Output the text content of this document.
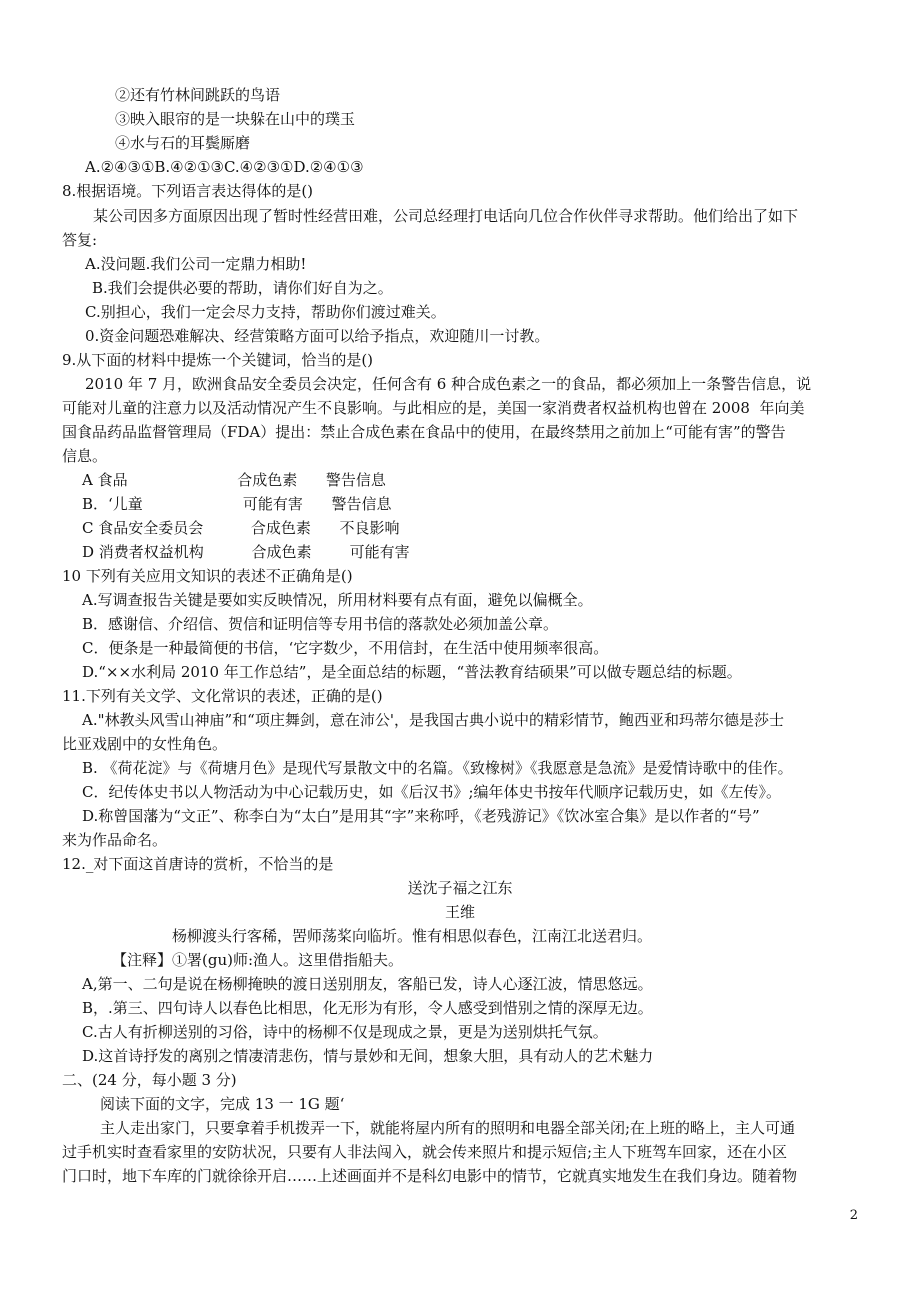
②还有竹林间跳跃的鸟语
③映入眼帘的是一块躲在山中的璞玉
④水与石的耳鬓厮磨
A.②④③①B.④②①③C.④②③①D.②④①③
8.根据语境。下列语言表达得体的是()
某公司因多方面原因出现了暂时性经营田难，公司总经理打电话向几位合作伙伴寻求帮助。他们给出了如下
答复:
A.没问题.我们公司一定鼎力相助!
B.我们会提供必要的帮助，请你们好自为之。
C.别担心，我们一定会尽力支持，帮助你们渡过难关。
0.资金问题恐难解决、经营策略方面可以给予指点，欢迎随川一讨教。
9.从下面的材料中提炼一个关键词，恰当的是()
2010 年 7 月，欧洲食品安全委员会决定，任何含有 6 种合成色素之一的食品，都必须加上一条警告信息，说
可能对儿童的注意力以及活动情况产生不良影响。与此相应的是，美国一家消费者权益机构也曾在 2008  年向美
国食品药品监督管理局（FDA）提出：禁止合成色素在食品中的使用，在最终禁用之前加上“可能有害”的警告
信息。
A 食品                       合成色素      警告信息
B．‘儿童                     可能有害      警告信息
C 食品安全委员会          合成色素      不良影响
D 消费者权益机构          合成色素        可能有害
10 下列有关应用文知识的表述不正确角是()
A.写调查报告关键是要如实反映情况，所用材料要有点有面，避免以偏概全。
B．感谢信、介绍信、贺信和证明信等专用书信的落款处必须加盖公章。
C．便条是一种最简便的书信，‘它字数少，不用信封，在生活中使用频率很高。
D.“××水利局 2010 年工作总结”，是全面总结的标题，“普法教育结硕果”可以做专题总结的标题。
11.下列有关文学、文化常识的表述，正确的是()
A."林教头风雪山神庙”和“项庄舞剑，意在沛公'，是我国古典小说中的精彩情节，鲍西亚和玛蒂尔德是莎士
比亚戏剧中的女性角色。
B. 《荷花淀》与《荷塘月色》是现代写景散文中的名篇。《致橡树》《我愿意是急流》是爱情诗歌中的佳作。
C．纪传体史书以人物活动为中心记载历史，如《后汉书》;编年体史书按年代顺序记载历史，如《左传》。
D.称曾国藩为“文正”、称李白为“太白”是用其“字”来称呼，《老残游记》《饮冰室合集》是以作者的“号”
来为作品命名。
12._对下面这首唐诗的赏析，不恰当的是
送沈子福之江东
王维
杨柳渡头行客稀，罟师荡桨向临圻。惟有相思似春色，江南江北送君归。
【注释】①署(gu)师:渔人。这里借指船夫。
A,第一、二句是说在杨柳掩映的渡日送别朋友，客船已发，诗人心逐江波，情思悠远。
B，.第三、四句诗人以春色比相思，化无形为有形，令人感受到惜别之情的深厚无边。
C.古人有折柳送别的习俗，诗中的杨柳不仅是现成之景，更是为送别烘托气氛。
D.这首诗抒发的离别之情凄清悲伤，情与景妙和无间，想象大胆，具有动人的艺术魅力
二、(24 分，每小题 3 分)
阅读下面的文字，完成 13 一 1G 题‘
主人走出家门，只要拿着手机拨弄一下，就能将屋内所有的照明和电器全部关闭;在上班的略上，主人可通
过手机实时查看家里的安防状况，只要有人非法闯入，就会传来照片和提示短信;主人下班驾车回家，还在小区
门口时，地下车库的门就徐徐开启……上述画面并不是科幻电影中的情节，它就真实地发生在我们身边。随着物
2
